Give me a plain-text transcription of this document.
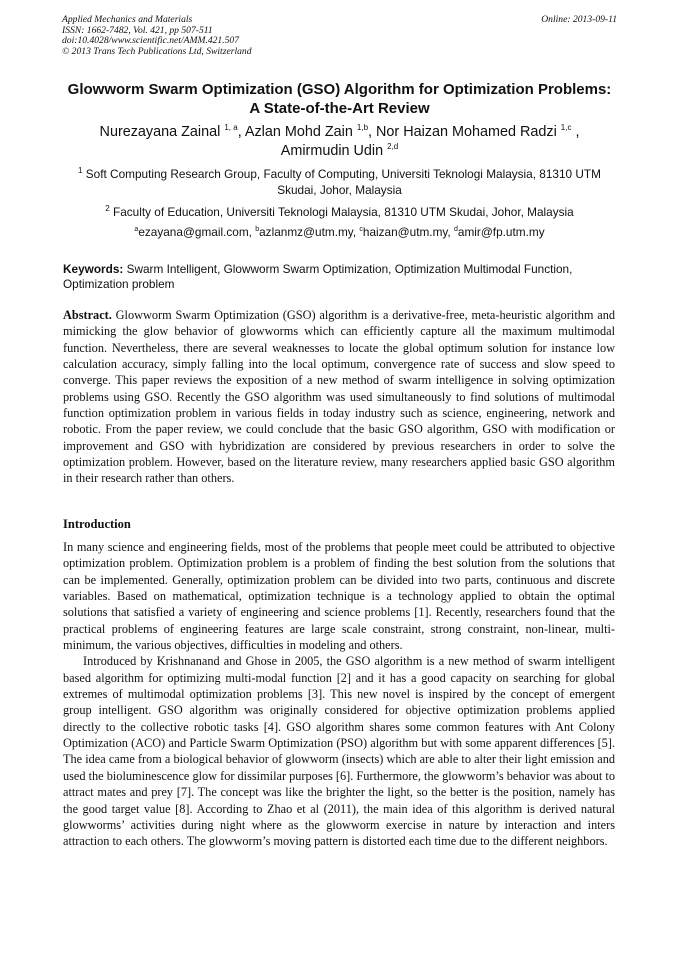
Applied Mechanics and Materials
ISSN: 1662-7482, Vol. 421, pp 507-511
doi:10.4028/www.scientific.net/AMM.421.507
© 2013 Trans Tech Publications Ltd, Switzerland
Online: 2013-09-11
Glowworm Swarm Optimization (GSO) Algorithm for Optimization Problems: A State-of-the-Art Review
Nurezayana Zainal $^{1, a}$, Azlan Mohd Zain $^{1,b}$, Nor Haizan Mohamed Radzi $^{1,c}$ ,
Amirmudin Udin $^{2,d}$
$^1$ Soft Computing Research Group, Faculty of Computing, Universiti Teknologi Malaysia, 81310 UTM Skudai, Johor, Malaysia
$^2$ Faculty of Education, Universiti Teknologi Malaysia, 81310 UTM Skudai, Johor, Malaysia
$^a$ezayana@gmail.com, $^b$azlanmz@utm.my, $^c$haizan@utm.my, $^d$amir@fp.utm.my
Keywords: Swarm Intelligent, Glowworm Swarm Optimization, Optimization Multimodal Function, Optimization problem
Abstract. Glowworm Swarm Optimization (GSO) algorithm is a derivative-free, meta-heuristic algorithm and mimicking the glow behavior of glowworms which can efficiently capture all the maximum multimodal function. Nevertheless, there are several weaknesses to locate the global optimum solution for instance low calculation accuracy, simply falling into the local optimum, convergence rate of success and slow speed to converge. This paper reviews the exposition of a new method of swarm intelligence in solving optimization problems using GSO. Recently the GSO algorithm was used simultaneously to find solutions of multimodal function optimization problem in various fields in today industry such as science, engineering, network and robotic. From the paper review, we could conclude that the basic GSO algorithm, GSO with modification or improvement and GSO with hybridization are considered by previous researchers in order to solve the optimization problem. However, based on the literature review, many researchers applied basic GSO algorithm in their research rather than others.
Introduction

In many science and engineering fields, most of the problems that people meet could be attributed to objective optimization problem. Optimization problem is a problem of finding the best solution from the solutions that can be implemented. Generally, optimization problem can be divided into two parts, continuous and discrete variables. Based on mathematical, optimization technique is a technology applied to obtain the optimal solutions that satisfied a variety of engineering and science problems [1]. Recently, researchers found that the practical problems of engineering features are large scale constraint, strong constraint, non-linear, multi-minimum, the various objectives, difficulties in modeling and others.

Introduced by Krishnanand and Ghose in 2005, the GSO algorithm is a new method of swarm intelligent based algorithm for optimizing multi-modal function [2] and it has a good capacity on searching for global extremes of multimodal optimization problems [3]. This new novel is inspired by the concept of emergent group intelligent. GSO algorithm was originally considered for objective optimization problems applied directly to the collective robotic tasks [4]. GSO algorithm shares some common features with Ant Colony Optimization (ACO) and Particle Swarm Optimization (PSO) algorithm but with some apparent differences [5]. The idea came from a biological behavior of glowworm (insects) which are able to alter their light emission and used the bioluminescence glow for dissimilar purposes [6]. Furthermore, the glowworm’s behavior was about to attract mates and prey [7]. The concept was like the brighter the light, so the better is the position, namely has the good target value [8]. According to Zhao et al (2011), the main idea of this algorithm is derived natural glowworms’ activities during night where as the glowworm exercise in nature by interaction and inters attraction to each others. The glowworm’s moving pattern is distorted each time due to the different neighbors.
